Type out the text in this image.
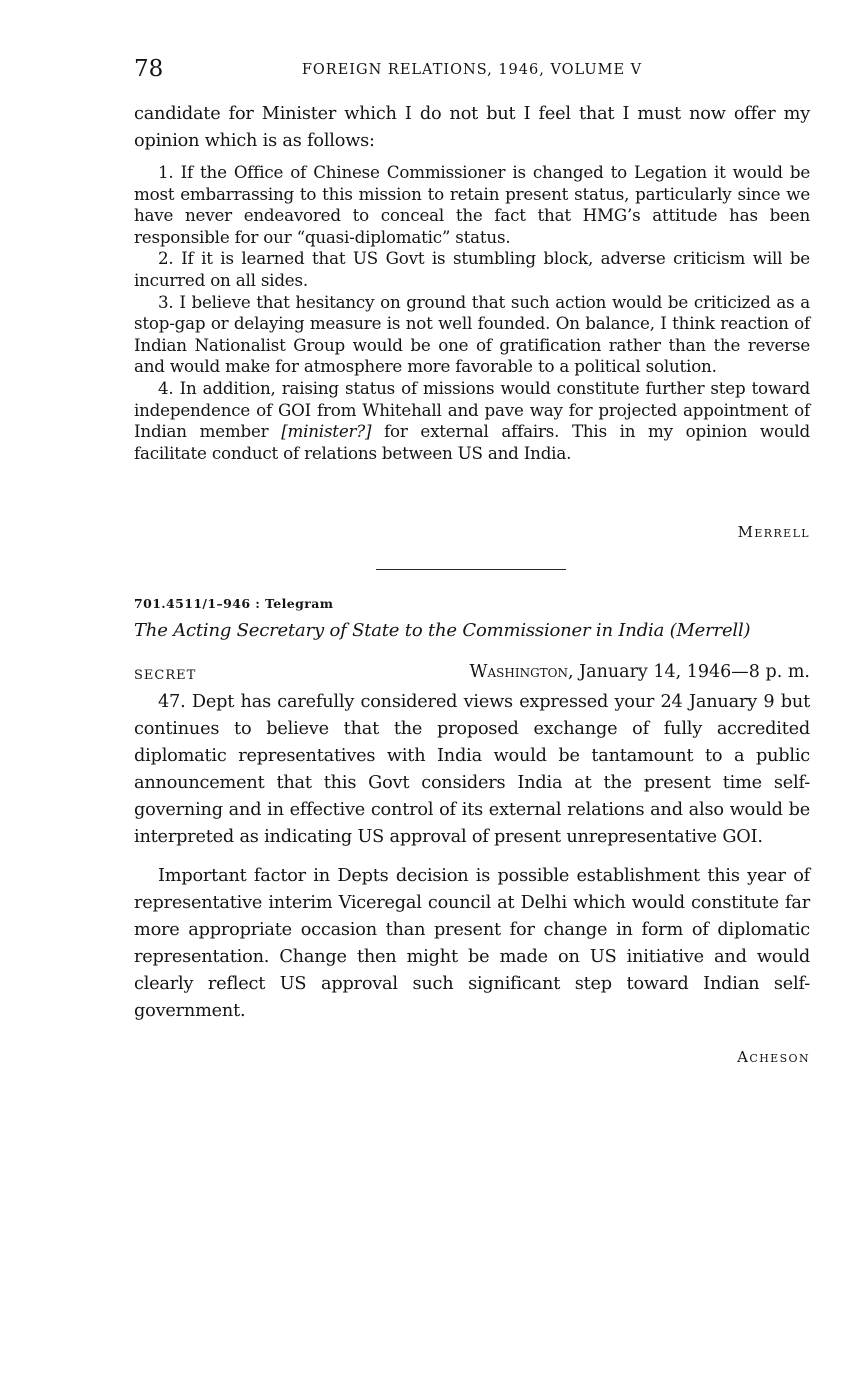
78	FOREIGN RELATIONS, 1946, VOLUME V

candidate for Minister which I do not but I feel that I must now offer my opinion which is as follows:

1. If the Office of Chinese Commissioner is changed to Legation it would be most embarrassing to this mission to retain present status, particularly since we have never endeavored to conceal the fact that HMG’s attitude has been responsible for our “quasi-diplomatic” status.

2. If it is learned that US Govt is stumbling block, adverse criticism will be incurred on all sides.

3. I believe that hesitancy on ground that such action would be criticized as a stop-gap or delaying measure is not well founded. On balance, I think reaction of Indian Nationalist Group would be one of gratification rather than the reverse and would make for atmosphere more favorable to a political solution.

4. In addition, raising status of missions would constitute further step toward independence of GOI from Whitehall and pave way for projected appointment of Indian member [minister?] for external affairs. This in my opinion would facilitate conduct of relations between US and India.

Merrell
701.4511/1–946 : Telegram
The Acting Secretary of State to the Commissioner in India (Merrell)
SECRET	Washington, January 14, 1946—8 p. m.

47. Dept has carefully considered views expressed your 24 January 9 but continues to believe that the proposed exchange of fully accredited diplomatic representatives with India would be tantamount to a public announcement that this Govt considers India at the present time self-governing and in effective control of its external relations and also would be interpreted as indicating US approval of present unrepresentative GOI.

Important factor in Depts decision is possible establishment this year of representative interim Viceregal council at Delhi which would constitute far more appropriate occasion than present for change in form of diplomatic representation. Change then might be made on US initiative and would clearly reflect US approval such significant step toward Indian self-government.

Acheson
